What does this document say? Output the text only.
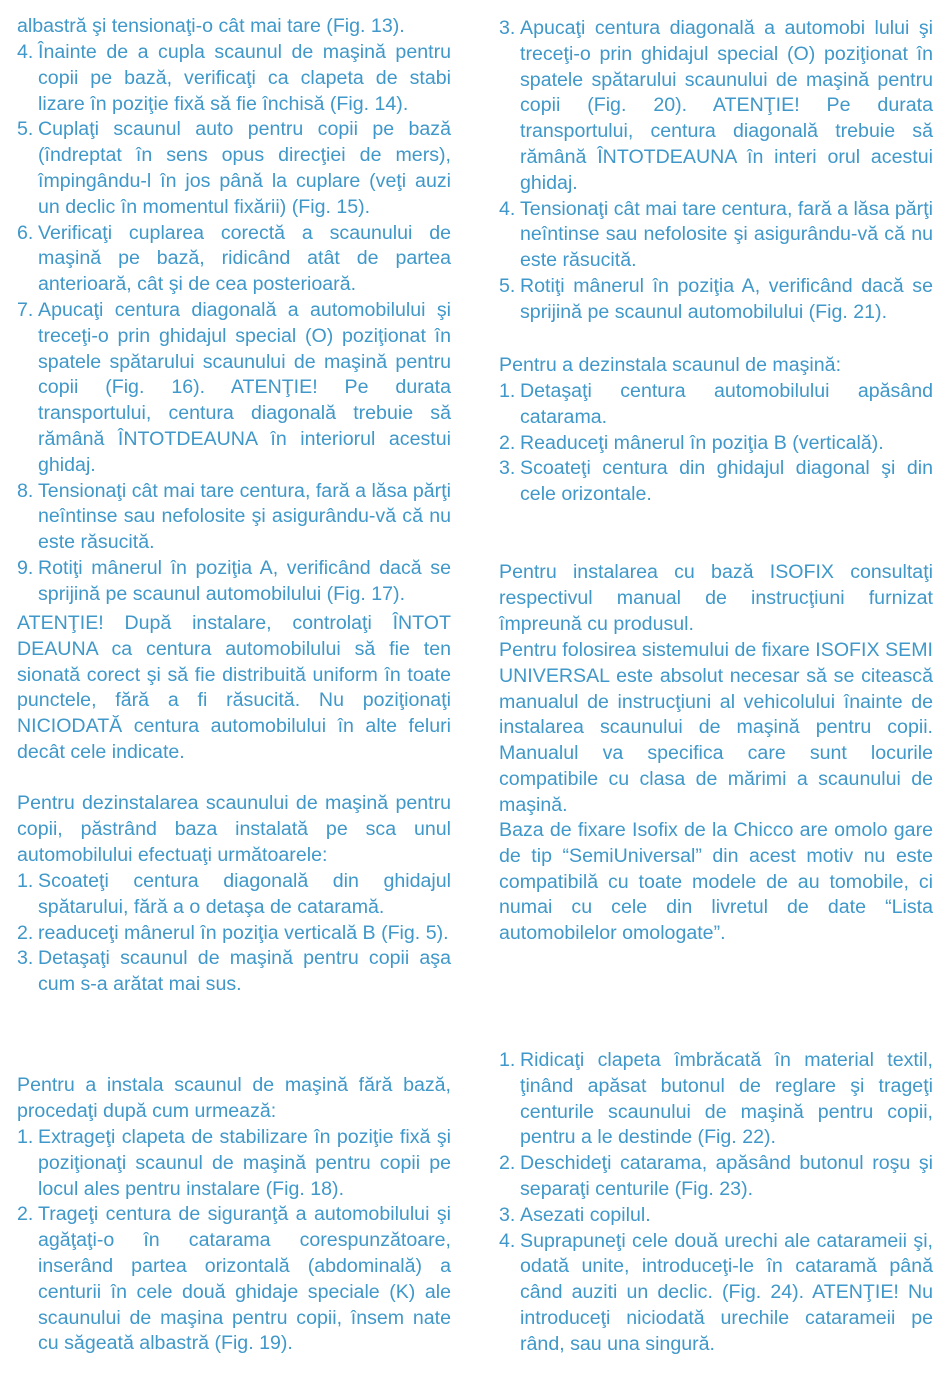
albastră şi tensionaţi-o cât mai tare (Fig. 13).

4. Înainte de a cupla scaunul de maşină pentru copii pe bază, verificaţi ca clapeta de stabi lizare în poziţie fixă să fie închisă (Fig. 14).
5. Cuplaţi scaunul auto pentru copii pe bază (îndreptat în sens opus direcţiei de mers), împingându-l în jos până la cuplare (veţi auzi un declic în momentul fixării) (Fig. 15).
6. Verificaţi cuplarea corectă a scaunului de maşină pe bază, ridicând atât de partea anterioară, cât şi de cea posterioară.
7. Apucaţi centura diagonală a automobilului şi treceţi-o prin ghidajul special (O) poziţionat în spatele spătarului scaunului de maşină pentru copii (Fig. 16). ATENŢIE! Pe durata transportului, centura diagonală trebuie să rămână ÎNTOTDEAUNA în interiorul acestui ghidaj.
8. Tensionaţi cât mai tare centura, fară a lăsa părţi neîntinse sau nefolosite şi asigurându-vă că nu este răsucită.
9. Rotiţi mânerul în poziţia A, verificând dacă se sprijină pe scaunul automobilului (Fig. 17).

ATENŢIE! După instalare, controlaţi ÎNTOT DEAUNA ca centura automobilului să fie ten sionată corect şi să fie distribuită uniform în toate punctele, fără a fi răsucită. Nu poziţionaţi NICIODATĂ centura automobilului în alte feluri decât cele indicate.

Pentru dezinstalarea scaunului de maşină pentru copii, păstrând baza instalată pe sca unul automobilului efectuaţi următoarele:

1. Scoateţi centura diagonală din ghidajul spătarului, fără a o detaşa de cataramă.
2. readuceţi mânerul în poziţia verticală B (Fig. 5).
3. Detaşaţi scaunul de maşină pentru copii aşa cum s-a arătat mai sus.

Pentru a instala scaunul de maşină fără bază, procedaţi după cum urmează:

1. Extrageţi clapeta de stabilizare în poziţie fixă şi poziţionaţi scaunul de maşină pentru copii pe locul ales pentru instalare (Fig. 18).
2. Trageţi centura de siguranţă a automobilului şi agăţaţi-o în catarama corespunzătoare, inserând partea orizontală (abdominală) a centurii în cele două ghidaje speciale (K) ale scaunului de maşina pentru copii, însem nate cu săgeată albastră (Fig. 19).
3. Apucaţi centura diagonală a automobi lului şi treceţi-o prin ghidajul special (O) poziţionat în spatele spătarului scaunului de maşină pentru copii (Fig. 20). ATENŢIE! Pe durata transportului, centura diagonală trebuie să rămână ÎNTOTDEAUNA în interi orul acestui ghidaj.
4. Tensionaţi cât mai tare centura, fară a lăsa părţi neîntinse sau nefolosite şi asigurându-vă că nu este răsucită.
5. Rotiţi mânerul în poziţia A, verificând dacă se sprijină pe scaunul automobilului (Fig. 21).

Pentru a dezinstala scaunul de maşină:

1. Detaşaţi centura automobilului apăsând catarama.
2. Readuceţi mânerul în poziţia B (verticală).
3. Scoateţi centura din ghidajul diagonal şi din cele orizontale.

Pentru instalarea cu bază ISOFIX consultaţi respectivul manual de instrucţiuni furnizat împreună cu produsul.

Pentru folosirea sistemului de fixare ISOFIX SEMI UNIVERSAL este absolut necesar să se citească manualul de instrucţiuni al vehicolului înainte de instalarea scaunului de maşină pentru copii. Manualul va specifica care sunt locurile compatibile cu clasa de mărimi a scaunului de maşină.

Baza de fixare Isofix de la Chicco are omolo gare de tip “SemiUniversal” din acest motiv nu este compatibilă cu toate modele de au tomobile, ci numai cu cele din livretul de date “Lista automobilelor omologate”.

1. Ridicaţi clapeta îmbrăcată în material textil, ţinând apăsat butonul de reglare şi trageţi centurile scaunului de maşină pentru copii, pentru a le destinde (Fig. 22).
2. Deschideţi catarama, apăsând butonul roşu şi separaţi centurile (Fig. 23).
3. Asezati copilul.
4. Suprapuneţi cele două urechi ale catarameii şi, odată unite, introduceţi-le în cataramă până când auziti un declic. (Fig. 24). ATENŢIE! Nu introduceţi niciodată urechile catarameii pe rând, sau una singură.
